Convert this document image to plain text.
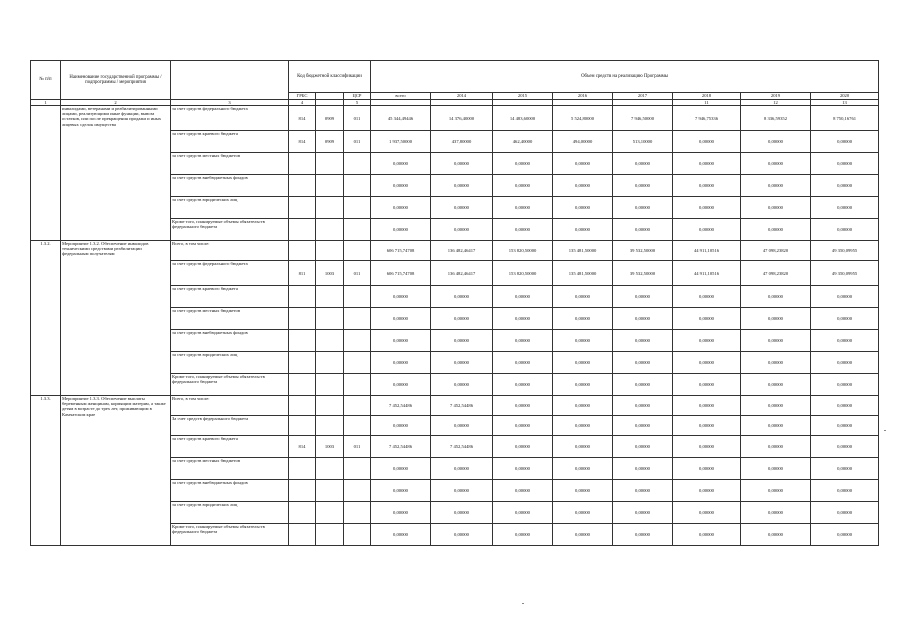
№ п/п	Наименование государственной программы / подпрограммы / мероприятия		Код бюджетной классификации			Объем средств на реализацию Программы							
			ГРБС		ЦСР	всего	2014	2015	2016	2017	2018	2019	2020
1	2	3	4		5						11	12	13
	инвалидами, ветеранами и реабилитированными лицами, реализующими иные функции, вывоза остатков, или после прекращения продажи и иных лицевых сделок имущества	за счет средств федерального бюджета	814	0909	011	45 344,49446	14 376,40000	14 483,60000	5 524,80000	7 946,50000	7 946,75336	8 336,59352	8 750,16761
		за счет средств краевого бюджета	814	0909	011	1 937,50000	437,80000	462,40000	494,00000	513,10000	0,00000	0,00000	0,00000
		за счет средств местных бюджетов				0,00000	0,00000	0,00000	0,00000	0,00000	0,00000	0,00000	0,00000
		за счет средств внебюджетных фондов				0,00000	0,00000	0,00000	0,00000	0,00000	0,00000	0,00000	0,00000
		за счет средств юридических лиц				0,00000	0,00000	0,00000	0,00000	0,00000	0,00000	0,00000	0,00000
		Кроме того, планируемые объемы обязательств федерального бюджета				0,00000	0,00000	0,00000	0,00000	0,00000	0,00000	0,00000	0,00000
1.3.2.	Мероприятие 1.3.2. Обеспечение инвалидов техническими средствами реабилитации федеральным получателям	Всего, в том числе:				606 715,74708	136 482,46417	153 820,50000	135 481,50000	39 532,50000	44 911,10516	47 098,23820	49 350,09955
		за счет средств федерального бюджета	811	1003	011	606 715,74708	136 482,46417	153 820,50000	135 481,50000	39 532,50000	44 911,10516	47 098,23820	49 350,09955
		за счет средств краевого бюджета				0,00000	0,00000	0,00000	0,00000	0,00000	0,00000	0,00000	0,00000
		за счет средств местных бюджетов				0,00000	0,00000	0,00000	0,00000	0,00000	0,00000	0,00000	0,00000
		за счет средств внебюджетных фондов				0,00000	0,00000	0,00000	0,00000	0,00000	0,00000	0,00000	0,00000
		за счет средств юридических лиц				0,00000	0,00000	0,00000	0,00000	0,00000	0,00000	0,00000	0,00000
		Кроме того, планируемые объемы обязательств федерального бюджета				0,00000	0,00000	0,00000	0,00000	0,00000	0,00000	0,00000	0,00000
1.3.3.	Мероприятие 1.3.3. Обеспечение выплаты беременным женщинам, кормящим матерям, а также детям в возрасте до трех лет, проживающим в Камчатском крае	Всего, в том числе:				7 452,54486	7 452,54486	0,00000	0,00000	0,00000	0,00000	0,00000	0,00000
		За счет средств федерального бюджета				0,00000	0,00000	0,00000	0,00000	0,00000	0,00000	0,00000	0,00000
		за счет средств краевого бюджета	814	1003	011	7 452,54486	7 452,54486	0,00000	0,00000	0,00000	0,00000	0,00000	0,00000
		за счет средств местных бюджетов				0,00000	0,00000	0,00000	0,00000	0,00000	0,00000	0,00000	0,00000
		за счет средств внебюджетных фондов				0,00000	0,00000	0,00000	0,00000	0,00000	0,00000	0,00000	0,00000
		за счет средств юридических лиц				0,00000	0,00000	0,00000	0,00000	0,00000	0,00000	0,00000	0,00000
		Кроме того, планируемые объемы обязательств федерального бюджета				0,00000	0,00000	0,00000	0,00000	0,00000	0,00000	0,00000	0,00000
